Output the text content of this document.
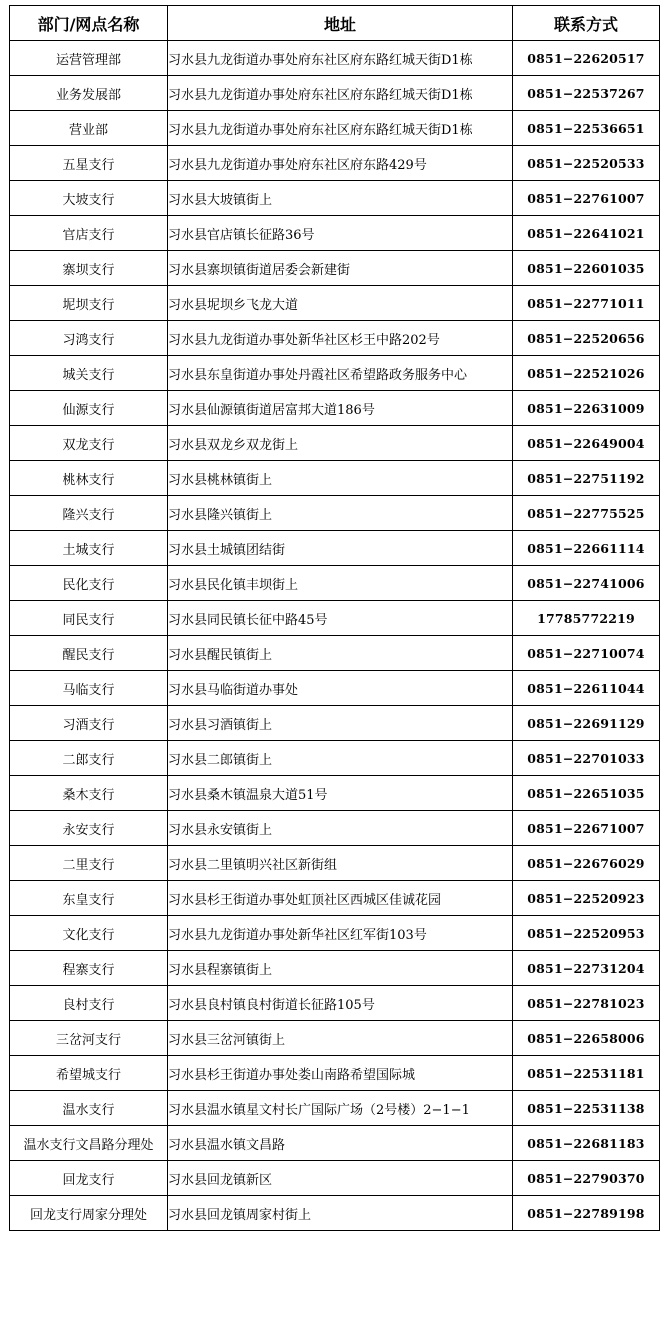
部门/网点名称	地址	联系方式
运营管理部	习水县九龙街道办事处府东社区府东路红城天街D1栋	0851−22620517
业务发展部	习水县九龙街道办事处府东社区府东路红城天街D1栋	0851−22537267
营业部	习水县九龙街道办事处府东社区府东路红城天街D1栋	0851−22536651
五星支行	习水县九龙街道办事处府东社区府东路429号	0851−22520533
大坡支行	习水县大坡镇街上	0851−22761007
官店支行	习水县官店镇长征路36号	0851−22641021
寨坝支行	习水县寨坝镇街道居委会新建街	0851−22601035
坭坝支行	习水县坭坝乡飞龙大道	0851−22771011
习鸿支行	习水县九龙街道办事处新华社区杉王中路202号	0851−22520656
城关支行	习水县东皇街道办事处丹霞社区希望路政务服务中心	0851−22521026
仙源支行	习水县仙源镇街道居富邦大道186号	0851−22631009
双龙支行	习水县双龙乡双龙街上	0851−22649004
桃林支行	习水县桃林镇街上	0851−22751192
隆兴支行	习水县隆兴镇街上	0851−22775525
土城支行	习水县土城镇团结街	0851−22661114
民化支行	习水县民化镇丰坝街上	0851−22741006
同民支行	习水县同民镇长征中路45号	17785772219
醒民支行	习水县醒民镇街上	0851−22710074
马临支行	习水县马临街道办事处	0851−22611044
习酒支行	习水县习酒镇街上	0851−22691129
二郎支行	习水县二郎镇街上	0851−22701033
桑木支行	习水县桑木镇温泉大道51号	0851−22651035
永安支行	习水县永安镇街上	0851−22671007
二里支行	习水县二里镇明兴社区新街组	0851−22676029
东皇支行	习水县杉王街道办事处虹顶社区西城区佳诚花园	0851−22520923
文化支行	习水县九龙街道办事处新华社区红军街103号	0851−22520953
程寨支行	习水县程寨镇街上	0851−22731204
良村支行	习水县良村镇良村街道长征路105号	0851−22781023
三岔河支行	习水县三岔河镇街上	0851−22658006
希望城支行	习水县杉王街道办事处娄山南路希望国际城	0851−22531181
温水支行	习水县温水镇星文村长广国际广场（2号楼）2−1−1	0851−22531138
温水支行文昌路分理处	习水县温水镇文昌路	0851−22681183
回龙支行	习水县回龙镇新区	0851−22790370
回龙支行周家分理处	习水县回龙镇周家村街上	0851−22789198
